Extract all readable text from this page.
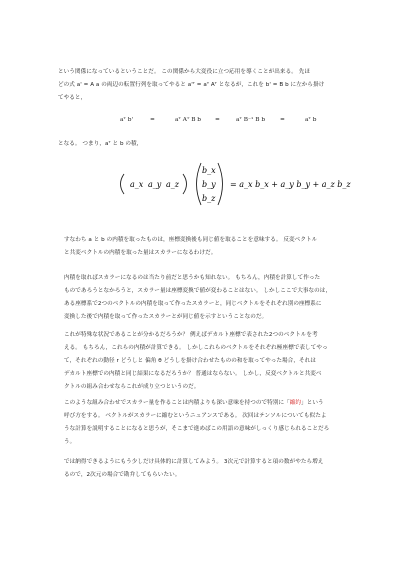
という関係になっているということだ。 この関係から大変役に立つ応用を導くことが出来る。 先ほ
どの式 a' = A a の両辺の転置行列を取ってやると a'ᵀ = aᵀ Aᵀ となるが，これを b' = B b に左から掛け
てやると，
aᵀ b'	=	aᵀ Aᵀ B b =	aᵀ B⁻¹ B b	=	aᵀ b
となる。 つまり，aᵀ と b の積，
a_x a_y a_z
b_x
b_y
b_z
= a_x b_x + a_y b_y + a_z b_z
すなわち a と b の内積を取ったものは，座標変換後も同じ値を取ることを意味する。 反変ベクトル
と共変ベクトルの内積を取った量はスカラーになるわけだ。
内積を取ればスカラーになるのは当たり前だと思うかも知れない。 もちろん，内積を計算して作った
ものであろうとなかろうと，スカラー量は座標変換で値が変わることはない。 しかしここで大事なのは，
ある座標系で2つのベクトルの内積を取って作ったスカラーと，同じベクトルをそれぞれ別の座標系に
変換した後で内積を取って作ったスカラーとが同じ値を示すということなのだ。
これが特殊な状況であることが分かるだろうか？ 例えばデカルト座標で表された2つのベクトルを考
える。 もちろん，これらの内積が計算できる。 しかしこれらのベクトルをそれぞれ極座標で表してやっ
て，それぞれの動径 r どうしと 偏角 θ どうしを掛け合わせたものの和を取ってやった場合，それは
デカルト座標での内積と同じ結果になるだろうか？ 普通はならない。 しかし，反変ベクトルと共変ベ
クトルの組み合わせならこれが成り立つというのだ。
このような組み合わせでスカラー量を作ることは内積よりも深い意味を持つので特別に「縮約」という
呼び方をする。 ベクトルがスカラーに縮むというニュアンスである。 次回はテンソルについても似たよ
うな計算を説明することになると思うが，そこまで進めばこの用語の意味がしっくり感じられることだろ
う。
では納得できるようにもう少しだけ具体的に計算してみよう。 3次元で計算すると項の数がやたら増え
るので，2次元の場合で勘弁してもらいたい。
